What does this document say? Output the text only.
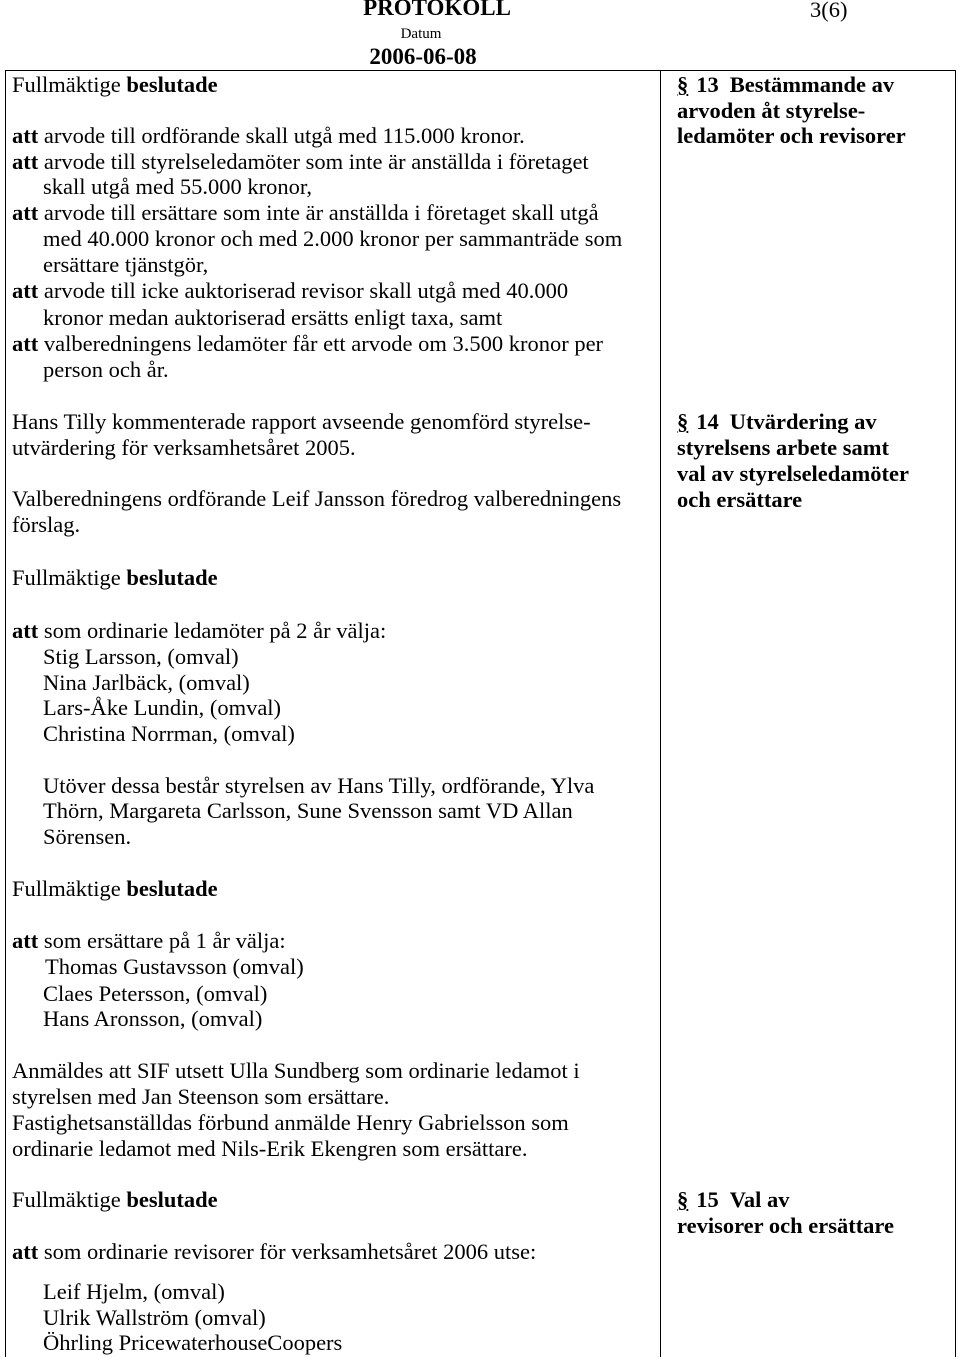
PROTOKOLL
Datum
2006-06-08
3(6)
Fullmäktige beslutade
att arvode till ordförande skall utgå med 115.000 kronor.
att arvode till styrelseledamöter som inte är anställda i företaget
skall utgå med 55.000 kronor,
att arvode till ersättare som inte är anställda i företaget skall utgå
med 40.000 kronor och med 2.000 kronor per sammanträde som
ersättare tjänstgör,
att arvode till icke auktoriserad revisor skall utgå med 40.000
kronor medan auktoriserad ersätts enligt taxa, samt
att valberedningens ledamöter får ett arvode om 3.500 kronor per
person och år.
Hans Tilly kommenterade rapport avseende genomförd styrelse-
utvärdering för verksamhetsåret 2005.
Valberedningens ordförande Leif Jansson föredrog valberedningens
förslag.
Fullmäktige beslutade
att som ordinarie ledamöter på 2 år välja:
Stig Larsson, (omval)
Nina Jarlbäck, (omval)
Lars-Åke Lundin, (omval)
Christina Norrman, (omval)
Utöver dessa består styrelsen av Hans Tilly, ordförande, Ylva
Thörn, Margareta Carlsson, Sune Svensson samt VD Allan
Sörensen.
Fullmäktige beslutade
att som ersättare på 1 år välja:
Thomas Gustavsson (omval)
Claes Petersson, (omval)
Hans Aronsson, (omval)
Anmäldes att SIF utsett Ulla Sundberg som ordinarie ledamot i
styrelsen med Jan Steenson som ersättare.
Fastighetsanställdas förbund anmälde Henry Gabrielsson som
ordinarie ledamot med Nils-Erik Ekengren som ersättare.
Fullmäktige beslutade
att som ordinarie revisorer för verksamhetsåret 2006 utse:
Leif Hjelm, (omval)
Ulrik Wallström (omval)
Öhrling PricewaterhouseCoopers
§ 13 Bestämmande av
arvoden åt styrelse-
ledamöter och revisorer
§ 14 Utvärdering av
styrelsens arbete samt
val av styrelseledamöter
och ersättare
§ 15 Val av
revisorer och ersättare
